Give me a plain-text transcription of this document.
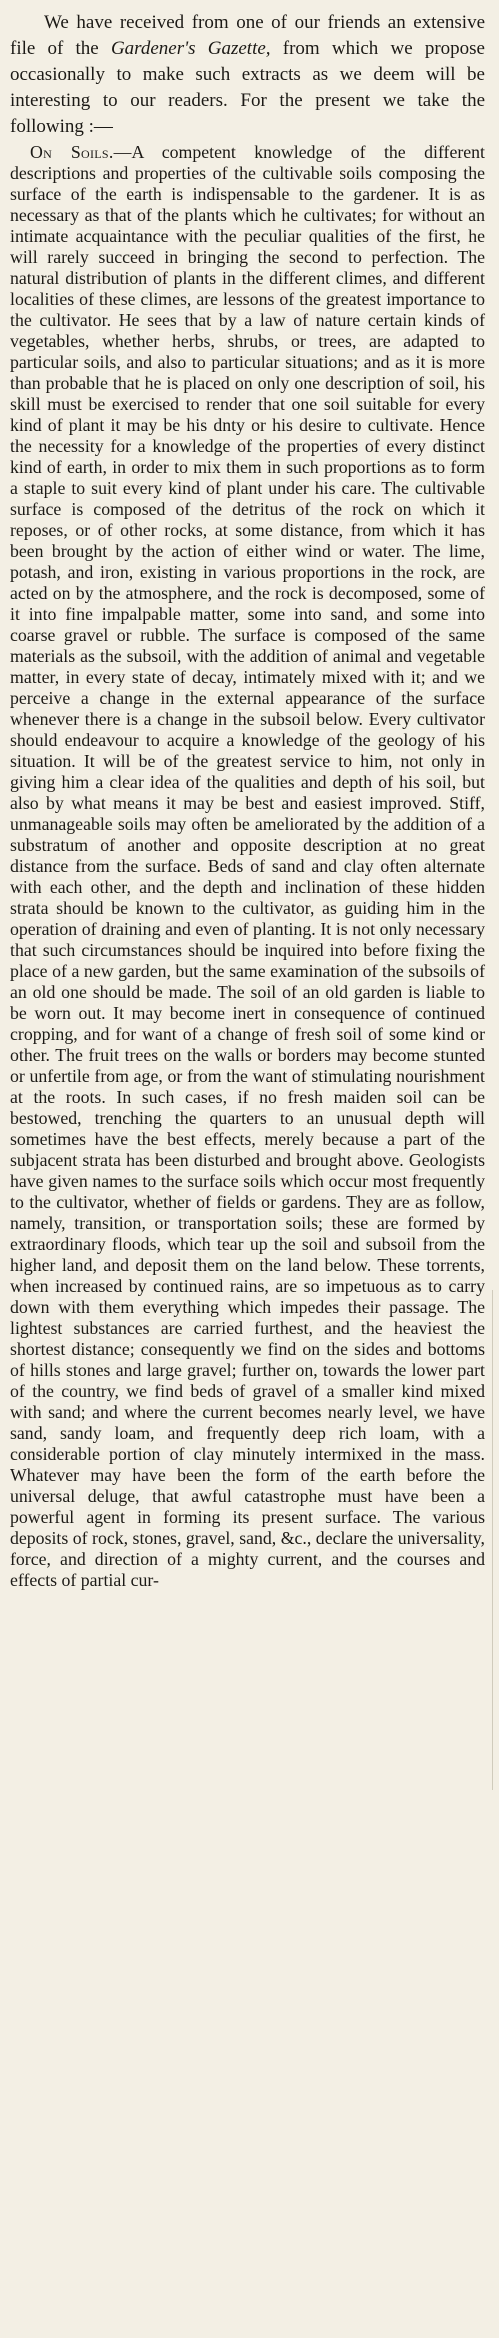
We have received from one of our friends an extensive file of the Gardener's Gazette, from which we propose occasionally to make such extracts as we deem will be interesting to our readers. For the present we take the following :—

On Soils.—A competent knowledge of the different descriptions and properties of the cultivable soils composing the surface of the earth is indispensable to the gardener. It is as necessary as that of the plants which he cultivates; for without an intimate acquaintance with the peculiar qualities of the first, he will rarely succeed in bringing the second to perfection. The natural distribution of plants in the different climes, and different localities of these climes, are lessons of the greatest importance to the cultivator. He sees that by a law of nature certain kinds of vegetables, whether herbs, shrubs, or trees, are adapted to particular soils, and also to particular situations; and as it is more than probable that he is placed on only one description of soil, his skill must be exercised to render that one soil suitable for every kind of plant it may be his dnty or his desire to cultivate. Hence the necessity for a knowledge of the properties of every distinct kind of earth, in order to mix them in such proportions as to form a staple to suit every kind of plant under his care. The cultivable surface is composed of the detritus of the rock on which it reposes, or of other rocks, at some distance, from which it has been brought by the action of either wind or water. The lime, potash, and iron, existing in various proportions in the rock, are acted on by the atmosphere, and the rock is decomposed, some of it into fine impalpable matter, some into sand, and some into coarse gravel or rubble. The surface is composed of the same materials as the subsoil, with the addition of animal and vegetable matter, in every state of decay, intimately mixed with it; and we perceive a change in the external appearance of the surface whenever there is a change in the subsoil below. Every cultivator should endeavour to acquire a knowledge of the geology of his situation. It will be of the greatest service to him, not only in giving him a clear idea of the qualities and depth of his soil, but also by what means it may be best and easiest improved. Stiff, unmanageable soils may often be ameliorated by the addition of a substratum of another and opposite description at no great distance from the surface. Beds of sand and clay often alternate with each other, and the depth and inclination of these hidden strata should be known to the cultivator, as guiding him in the operation of draining and even of planting. It is not only necessary that such circumstances should be inquired into before fixing the place of a new garden, but the same examination of the subsoils of an old one should be made. The soil of an old garden is liable to be worn out. It may become inert in consequence of continued cropping, and for want of a change of fresh soil of some kind or other. The fruit trees on the walls or borders may become stunted or unfertile from age, or from the want of stimulating nourishment at the roots. In such cases, if no fresh maiden soil can be bestowed, trenching the quarters to an unusual depth will sometimes have the best effects, merely because a part of the subjacent strata has been disturbed and brought above. Geologists have given names to the surface soils which occur most frequently to the cultivator, whether of fields or gardens. They are as follow, namely, transition, or transportation soils; these are formed by extraordinary floods, which tear up the soil and subsoil from the higher land, and deposit them on the land below. These torrents, when increased by continued rains, are so impetuous as to carry down with them everything which impedes their passage. The lightest substances are carried furthest, and the heaviest the shortest distance; consequently we find on the sides and bottoms of hills stones and large gravel; further on, towards the lower part of the country, we find beds of gravel of a smaller kind mixed with sand; and where the current becomes nearly level, we have sand, sandy loam, and frequently deep rich loam, with a considerable portion of clay minutely intermixed in the mass. Whatever may have been the form of the earth before the universal deluge, that awful catastrophe must have been a powerful agent in forming its present surface. The various deposits of rock, stones, gravel, sand, &c., declare the universality, force, and direction of a mighty current, and the courses and effects of partial cur-
